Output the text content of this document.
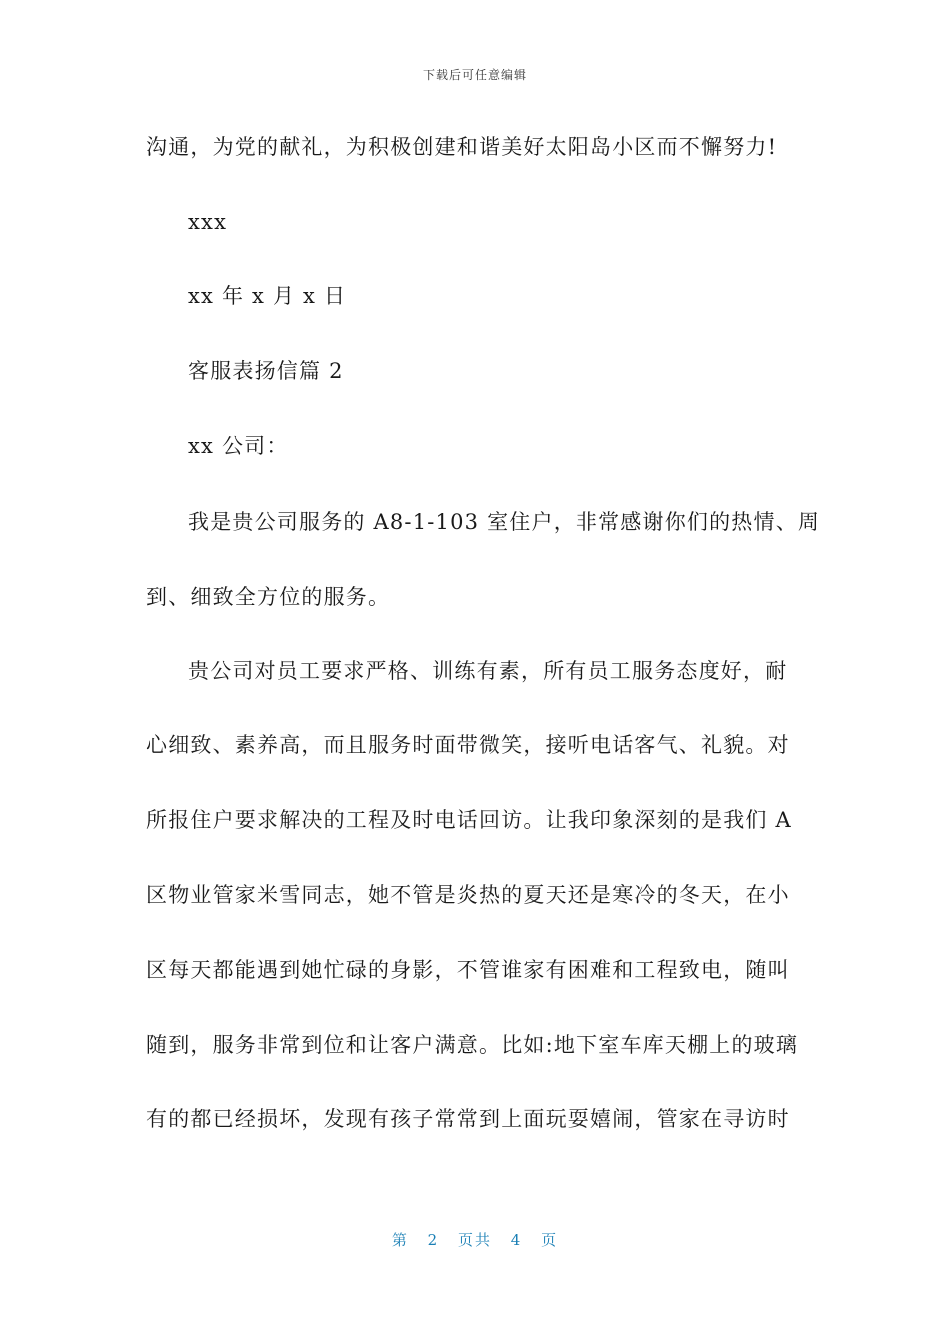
下载后可任意编辑
沟通，为党的献礼，为积极创建和谐美好太阳岛小区而不懈努力!
xxx
xx 年 x 月 x 日
客服表扬信篇 2
xx 公司：
我是贵公司服务的 A8-1-103 室住户，非常感谢你们的热情、周
到、细致全方位的服务。
贵公司对员工要求严格、训练有素，所有员工服务态度好，耐
心细致、素养高，而且服务时面带微笑，接听电话客气、礼貌。对
所报住户要求解决的工程及时电话回访。让我印象深刻的是我们 A
区物业管家米雪同志，她不管是炎热的夏天还是寒冷的冬天，在小
区每天都能遇到她忙碌的身影，不管谁家有困难和工程致电，随叫
随到，服务非常到位和让客户满意。比如:地下室车库天棚上的玻璃
有的都已经损坏，发现有孩子常常到上面玩耍嬉闹，管家在寻访时
第 2 页共 4 页
